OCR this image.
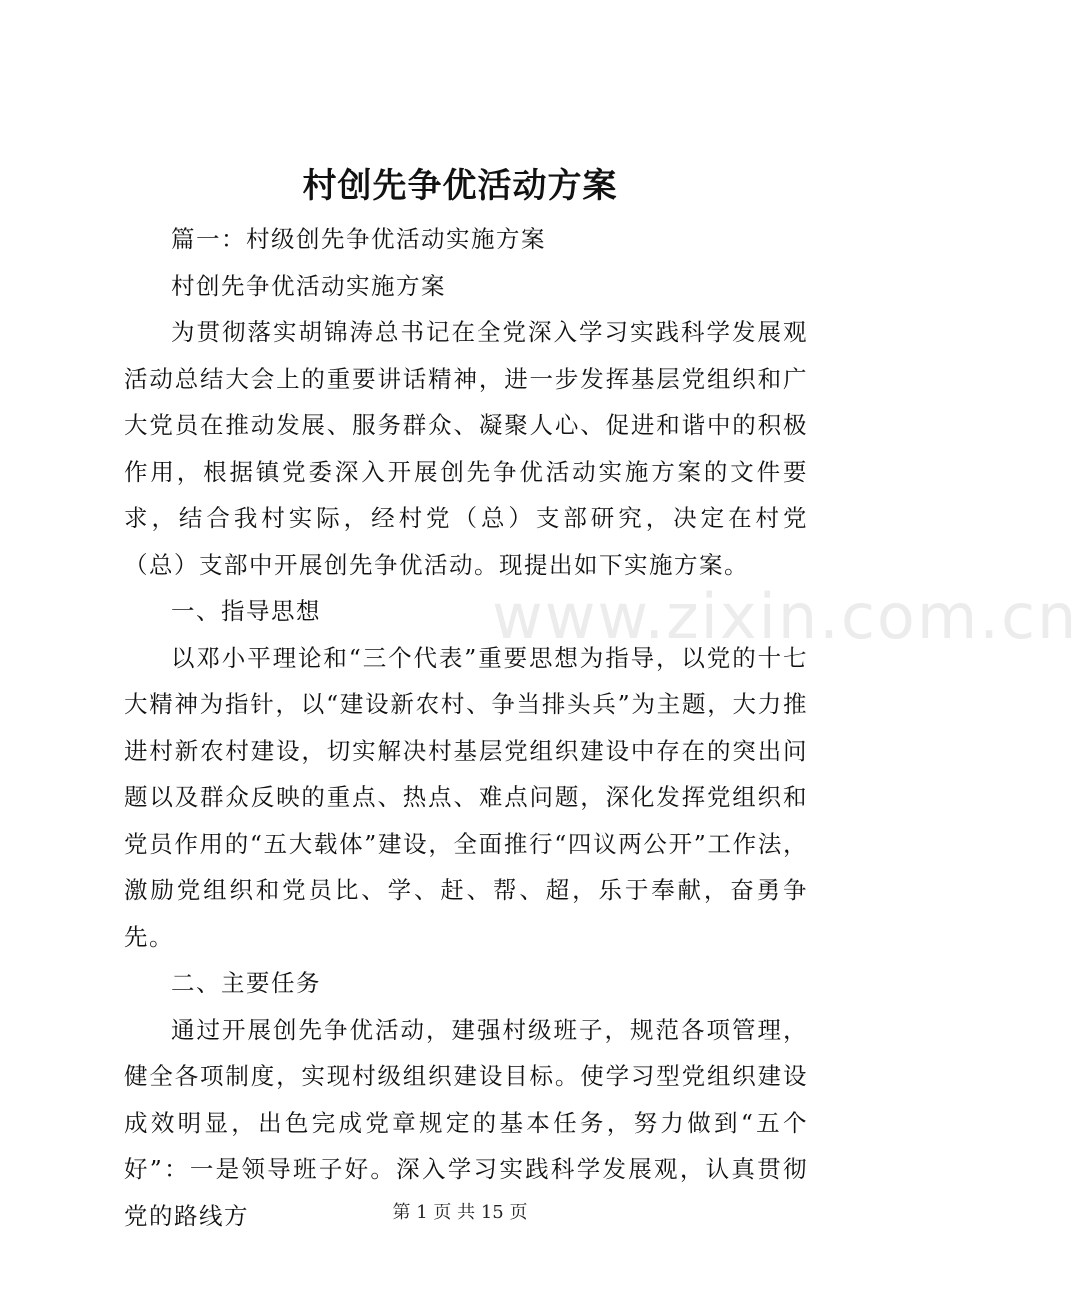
村创先争优活动方案

篇一：村级创先争优活动实施方案

村创先争优活动实施方案

为贯彻落实胡锦涛总书记在全党深入学习实践科学发展观活动总结大会上的重要讲话精神，进一步发挥基层党组织和广大党员在推动发展、服务群众、凝聚人心、促进和谐中的积极作用，根据镇党委深入开展创先争优活动实施方案的文件要求，结合我村实际，经村党（总）支部研究，决定在村党（总）支部中开展创先争优活动。现提出如下实施方案。

一、指导思想

以邓小平理论和“三个代表”重要思想为指导，以党的十七大精神为指针，以“建设新农村、争当排头兵”为主题，大力推进村新农村建设，切实解决村基层党组织建设中存在的突出问题以及群众反映的重点、热点、难点问题，深化发挥党组织和党员作用的“五大载体”建设，全面推行“四议两公开”工作法，激励党组织和党员比、学、赶、帮、超，乐于奉献，奋勇争先。

二、主要任务

通过开展创先争优活动，建强村级班子，规范各项管理，健全各项制度，实现村级组织建设目标。使学习型党组织建设成效明显，出色完成党章规定的基本任务，努力做到“五个好”：一是领导班子好。深入学习实践科学发展观，认真贯彻党的路线方

www.zixin.com.cn
第 1 页 共 15 页
